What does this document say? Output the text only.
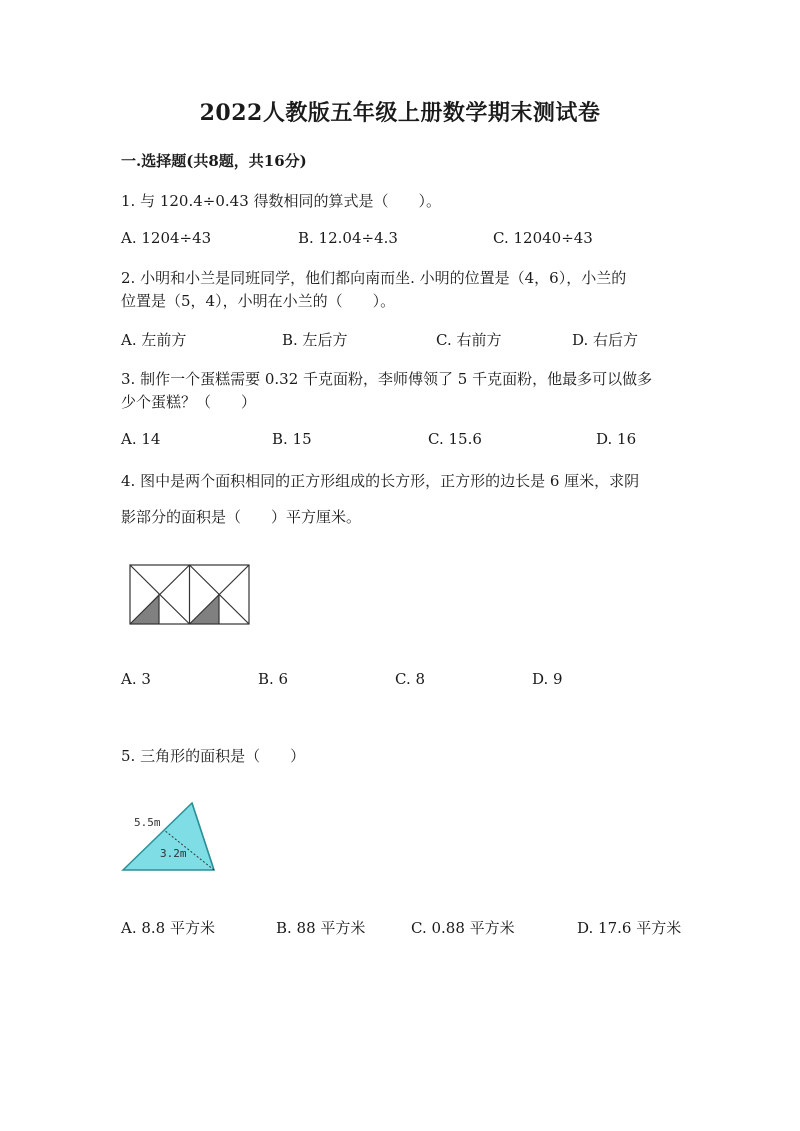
2022人教版五年级上册数学期末测试卷
一.选择题(共8题，共16分)
1. 与 120.4÷0.43 得数相同的算式是（　　）。
A. 1204÷43	B. 12.04÷4.3	C. 12040÷43
2. 小明和小兰是同班同学，他们都向南而坐. 小明的位置是（4，6），小兰的
位置是（5，4），小明在小兰的（　　）。
A. 左前方	B. 左后方	C. 右前方	D. 右后方
3. 制作一个蛋糕需要 0.32 千克面粉，李师傅领了 5 千克面粉，他最多可以做多
少个蛋糕？（　　）
A. 14	B. 15	C. 15.6	D. 16
4. 图中是两个面积相同的正方形组成的长方形，正方形的边长是 6 厘米，求阴
影部分的面积是（　　）平方厘米。
A. 3	B. 6	C. 8	D. 9
5. 三角形的面积是（　　）
5.5m
3.2m
A. 8.8 平方米	B. 88 平方米	C. 0.88 平方米	D. 17.6 平方米
